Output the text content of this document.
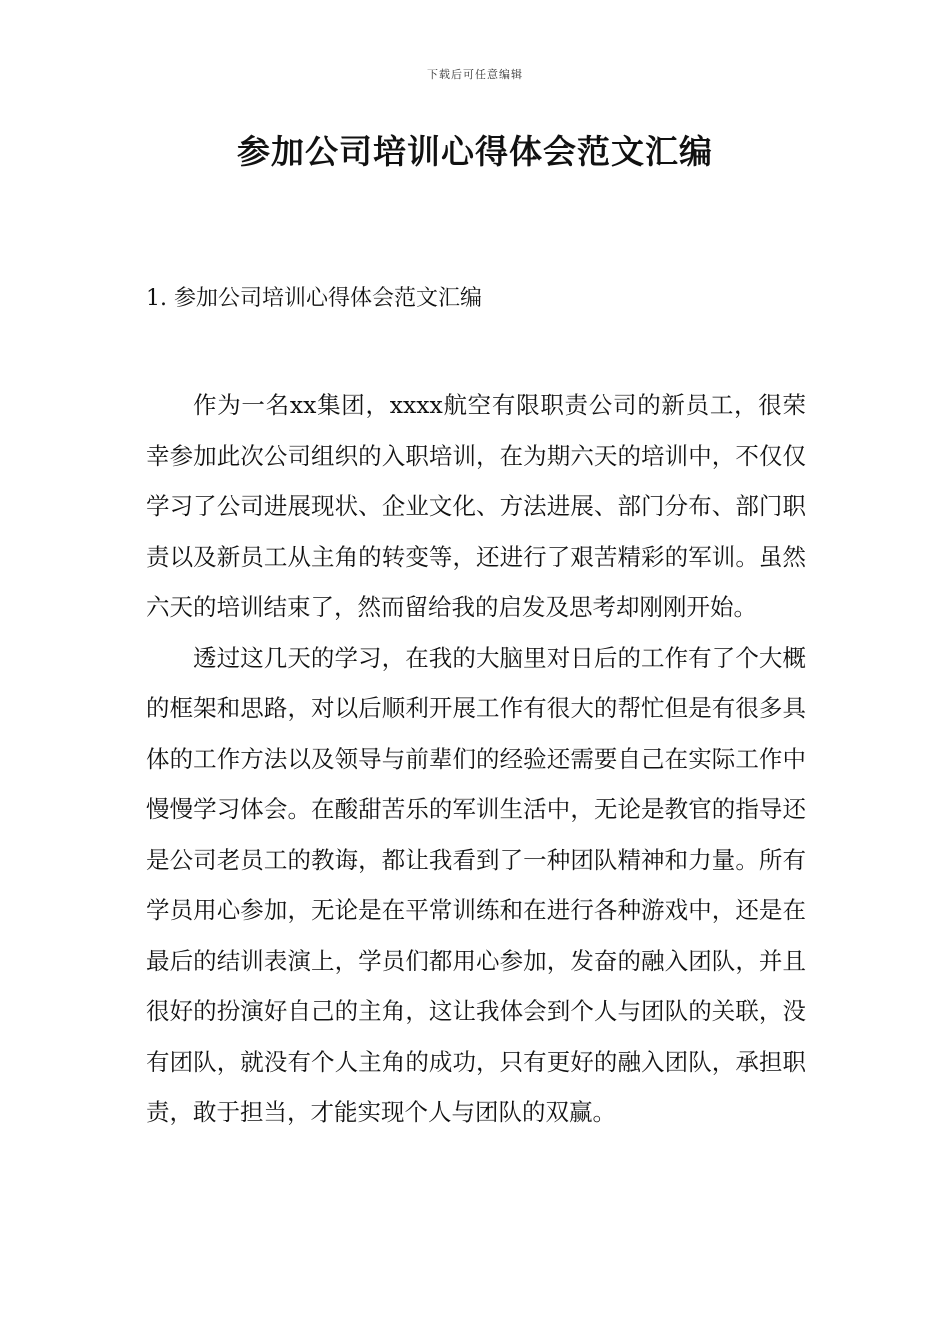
下载后可任意编辑
参加公司培训心得体会范文汇编
1. 参加公司培训心得体会范文汇编

作为一名xx集团，xxxx航空有限职责公司的新员工，很荣幸参加此次公司组织的入职培训，在为期六天的培训中，不仅仅学习了公司进展现状、企业文化、方法进展、部门分布、部门职责以及新员工从主角的转变等，还进行了艰苦精彩的军训。虽然六天的培训结束了，然而留给我的启发及思考却刚刚开始。

透过这几天的学习，在我的大脑里对日后的工作有了个大概的框架和思路，对以后顺利开展工作有很大的帮忙但是有很多具体的工作方法以及领导与前辈们的经验还需要自己在实际工作中慢慢学习体会。在酸甜苦乐的军训生活中，无论是教官的指导还是公司老员工的教诲，都让我看到了一种团队精神和力量。所有学员用心参加，无论是在平常训练和在进行各种游戏中，还是在最后的结训表演上，学员们都用心参加，发奋的融入团队，并且很好的扮演好自己的主角，这让我体会到个人与团队的关联，没有团队，就没有个人主角的成功，只有更好的融入团队，承担职责，敢于担当，才能实现个人与团队的双赢。
